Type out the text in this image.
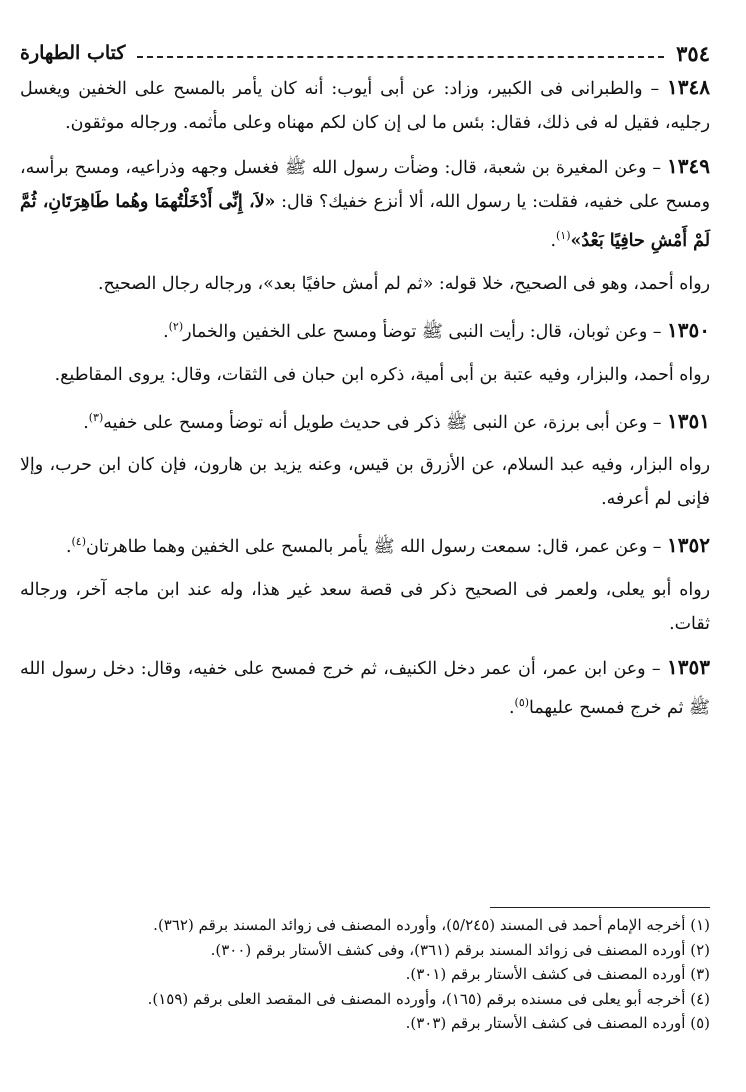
٣٥٤
كتاب الطهارة

١٣٤٨ – والطبرانى فى الكبير، وزاد: عن أبى أيوب: أنه كان يأمر بالمسح على الخفين ويغسل رجليه، فقيل له فى ذلك، فقال: بئس ما لى إن كان لكم مهناه وعلى مأثمه. ورجاله موثقون.

١٣٤٩ – وعن المغيرة بن شعبة، قال: وضأت رسول الله ﷺ فغسل وجهه وذراعيه، ومسح برأسه، ومسح على خفيه، فقلت: يا رسول الله، ألا أنزع خفيك؟ قال: «لاَ، إِنِّى أَدْخَلْتُهمَا وهُما طَاهِرَتَانِ، ثُمَّ لَمْ أَمْشِ حافِيًا بَعْدُ»$^{(١)}$.

رواه أحمد، وهو فى الصحيح، خلا قوله: «ثم لم أمش حافيًا بعد»، ورجاله رجال الصحيح.

١٣٥٠ – وعن ثوبان، قال: رأيت النبى ﷺ توضأ ومسح على الخفين والخمار$^{(٢)}$.

رواه أحمد، والبزار، وفيه عتبة بن أبى أمية، ذكره ابن حبان فى الثقات، وقال: يروى المقاطيع.

١٣٥١ – وعن أبى برزة، عن النبى ﷺ ذكر فى حديث طويل أنه توضأ ومسح على خفيه$^{(٣)}$.

رواه البزار، وفيه عبد السلام، عن الأزرق بن قيس، وعنه يزيد بن هارون، فإن كان ابن حرب، وإلا فإنى لم أعرفه.

١٣٥٢ – وعن عمر، قال: سمعت رسول الله ﷺ يأمر بالمسح على الخفين وهما طاهرتان$^{(٤)}$.

رواه أبو يعلى، ولعمر فى الصحيح ذكر فى قصة سعد غير هذا، وله عند ابن ماجه آخر، ورجاله ثقات.

١٣٥٣ – وعن ابن عمر، أن عمر دخل الكنيف، ثم خرج فمسح على خفيه، وقال: دخل رسول الله ﷺ ثم خرج فمسح عليهما$^{(٥)}$.

(١) أخرجه الإمام أحمد فى المسند (٥/٢٤٥)، وأورده المصنف فى زوائد المسند برقم (٣٦٢).

(٢) أورده المصنف فى زوائد المسند برقم (٣٦١)، وفى كشف الأستار برقم (٣٠٠).

(٣) أورده المصنف فى كشف الأستار برقم (٣٠١).

(٤) أخرجه أبو يعلى فى مسنده برقم (١٦٥)، وأورده المصنف فى المقصد العلى برقم (١٥٩).

(٥) أورده المصنف فى كشف الأستار برقم (٣٠٣).
